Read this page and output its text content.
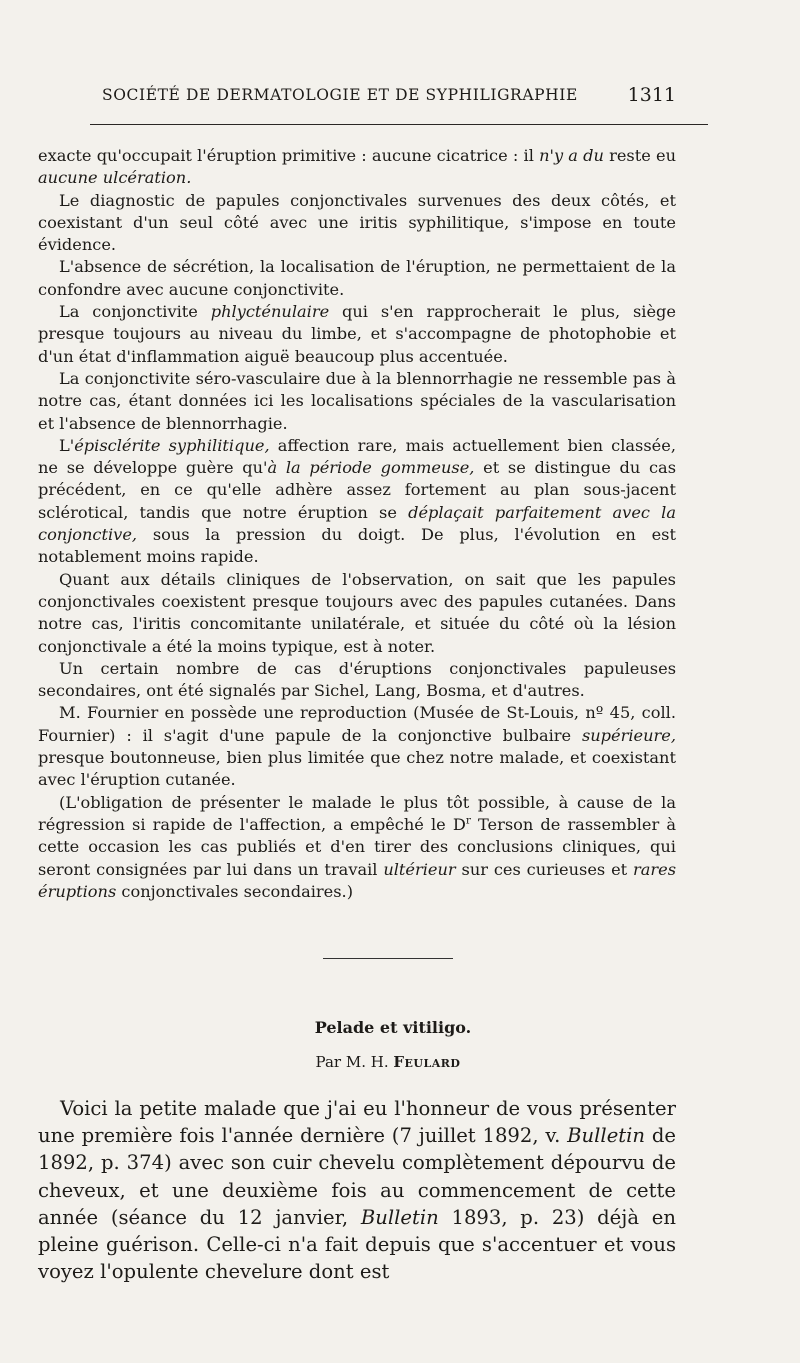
SOCIÉTÉ DE DERMATOLOGIE ET DE SYPHILIGRAPHIE	1311

exacte qu'occupait l'éruption primitive : aucune cicatrice : il n'y a du reste eu aucune ulcération.

Le diagnostic de papules conjonctivales survenues des deux côtés, et coexistant d'un seul côté avec une iritis syphilitique, s'impose en toute évidence.

L'absence de sécrétion, la localisation de l'éruption, ne permettaient de la confondre avec aucune conjonctivite.

La conjonctivite phlycténulaire qui s'en rapprocherait le plus, siège presque toujours au niveau du limbe, et s'accompagne de photophobie et d'un état d'inflammation aiguë beaucoup plus accentuée.

La conjonctivite séro-vasculaire due à la blennorrhagie ne ressemble pas à notre cas, étant données ici les localisations spéciales de la vascularisation et l'absence de blennorrhagie.

L'épisclérite syphilitique, affection rare, mais actuellement bien classée, ne se développe guère qu'à la période gommeuse, et se distingue du cas précédent, en ce qu'elle adhère assez fortement au plan sous-jacent sclérotical, tandis que notre éruption se déplaçait parfaitement avec la conjonctive, sous la pression du doigt. De plus, l'évolution en est notablement moins rapide.

Quant aux détails cliniques de l'observation, on sait que les papules conjonctivales coexistent presque toujours avec des papules cutanées. Dans notre cas, l'iritis concomitante unilatérale, et située du côté où la lésion conjonctivale a été la moins typique, est à noter.

Un certain nombre de cas d'éruptions conjonctivales papuleuses secondaires, ont été signalés par Sichel, Lang, Bosma, et d'autres.

M. Fournier en possède une reproduction (Musée de St-Louis, nº 45, coll. Fournier) : il s'agit d'une papule de la conjonctive bulbaire supérieure, presque boutonneuse, bien plus limitée que chez notre malade, et coexistant avec l'éruption cutanée.

(L'obligation de présenter le malade le plus tôt possible, à cause de la régression si rapide de l'affection, a empêché le $D^r$ Terson de rassembler à cette occasion les cas publiés et d'en tirer des conclusions cliniques, qui seront consignées par lui dans un travail ultérieur sur ces curieuses et rares éruptions conjonctivales secondaires.)

Pelade et vitiligo.
Par M. H. Feulard

Voici la petite malade que j'ai eu l'honneur de vous présenter une première fois l'année dernière (7 juillet 1892, v. Bulletin de 1892, p. 374) avec son cuir chevelu complètement dépourvu de cheveux, et une deuxième fois au commencement de cette année (séance du 12 janvier, Bulletin 1893, p. 23) déjà en pleine guérison. Celle-ci n'a fait depuis que s'accentuer et vous voyez l'opulente chevelure dont est
